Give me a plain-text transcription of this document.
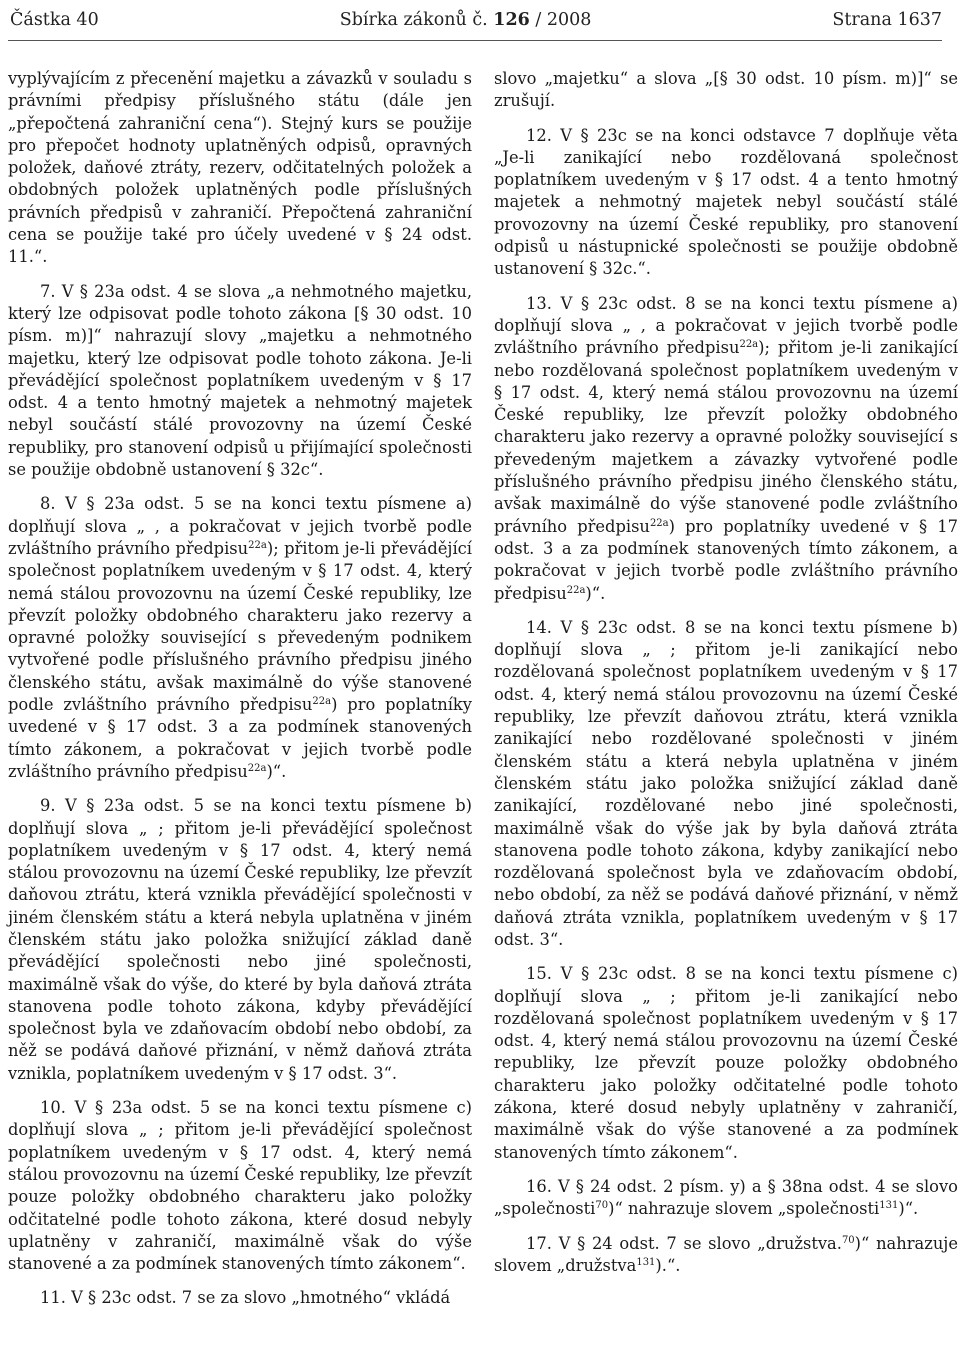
Částka 40	Sbírka zákonů č. 126 / 2008	Strana 1637

vyplývajícím z přecenění majetku a závazků v souladu s právními předpisy příslušného státu (dále jen „přepočtená zahraniční cena“). Stejný kurs se použije pro přepočet hodnoty uplatněných odpisů, opravných položek, daňové ztráty, rezerv, odčitatelných položek a obdobných položek uplatněných podle příslušných právních předpisů v zahraničí. Přepočtená zahraniční cena se použije také pro účely uvedené v § 24 odst. 11.“.

7. V § 23a odst. 4 se slova „a nehmotného majetku, který lze odpisovat podle tohoto zákona [§ 30 odst. 10 písm. m)]“ nahrazují slovy „majetku a nehmotného majetku, který lze odpisovat podle tohoto zákona. Je-li převádějící společnost poplatníkem uvedeným v § 17 odst. 4 a tento hmotný majetek a nehmotný majetek nebyl součástí stálé provozovny na území České republiky, pro stanovení odpisů u přijímající společnosti se použije obdobně ustanovení § 32c“.

8. V § 23a odst. 5 se na konci textu písmene a) doplňují slova „ , a pokračovat v jejich tvorbě podle zvláštního právního předpisu$^{22a}$); přitom je-li převádějící společnost poplatníkem uvedeným v § 17 odst. 4, který nemá stálou provozovnu na území České republiky, lze převzít položky obdobného charakteru jako rezervy a opravné položky související s převedeným podnikem vytvořené podle příslušného právního předpisu jiného členského státu, avšak maximálně do výše stanovené podle zvláštního právního předpisu$^{22a}$) pro poplatníky uvedené v § 17 odst. 3 a za podmínek stanovených tímto zákonem, a pokračovat v jejich tvorbě podle zvláštního právního předpisu$^{22a}$)“.

9. V § 23a odst. 5 se na konci textu písmene b) doplňují slova „ ; přitom je-li převádějící společnost poplatníkem uvedeným v § 17 odst. 4, který nemá stálou provozovnu na území České republiky, lze převzít daňovou ztrátu, která vznikla převádějící společnosti v jiném členském státu a která nebyla uplatněna v jiném členském státu jako položka snižující základ daně převádějící společnosti nebo jiné společnosti, maximálně však do výše, do které by byla daňová ztráta stanovena podle tohoto zákona, kdyby převádějící společnost byla ve zdaňovacím období nebo období, za něž se podává daňové přiznání, v němž daňová ztráta vznikla, poplatníkem uvedeným v § 17 odst. 3“.

10. V § 23a odst. 5 se na konci textu písmene c) doplňují slova „ ; přitom je-li převádějící společnost poplatníkem uvedeným v § 17 odst. 4, který nemá stálou provozovnu na území České republiky, lze převzít pouze položky obdobného charakteru jako položky odčitatelné podle tohoto zákona, které dosud nebyly uplatněny v zahraničí, maximálně však do výše stanovené a za podmínek stanovených tímto zákonem“.

11. V § 23c odst. 7 se za slovo „hmotného“ vkládá

slovo „majetku“ a slova „[§ 30 odst. 10 písm. m)]“ se zrušují.

12. V § 23c se na konci odstavce 7 doplňuje věta „Je-li zanikající nebo rozdělovaná společnost poplatníkem uvedeným v § 17 odst. 4 a tento hmotný majetek a nehmotný majetek nebyl součástí stálé provozovny na území České republiky, pro stanovení odpisů u nástupnické společnosti se použije obdobně ustanovení § 32c.“.

13. V § 23c odst. 8 se na konci textu písmene a) doplňují slova „ , a pokračovat v jejich tvorbě podle zvláštního právního předpisu$^{22a}$); přitom je-li zanikající nebo rozdělovaná společnost poplatníkem uvedeným v § 17 odst. 4, který nemá stálou provozovnu na území České republiky, lze převzít položky obdobného charakteru jako rezervy a opravné položky související s převedeným majetkem a závazky vytvořené podle příslušného právního předpisu jiného členského státu, avšak maximálně do výše stanovené podle zvláštního právního předpisu$^{22a}$) pro poplatníky uvedené v § 17 odst. 3 a za podmínek stanovených tímto zákonem, a pokračovat v jejich tvorbě podle zvláštního právního předpisu$^{22a}$)“.

14. V § 23c odst. 8 se na konci textu písmene b) doplňují slova „ ; přitom je-li zanikající nebo rozdělovaná společnost poplatníkem uvedeným v § 17 odst. 4, který nemá stálou provozovnu na území České republiky, lze převzít daňovou ztrátu, která vznikla zanikající nebo rozdělované společnosti v jiném členském státu a která nebyla uplatněna v jiném členském státu jako položka snižující základ daně zanikající, rozdělované nebo jiné společnosti, maximálně však do výše jak by byla daňová ztráta stanovena podle tohoto zákona, kdyby zanikající nebo rozdělovaná společnost byla ve zdaňovacím období, nebo období, za něž se podává daňové přiznání, v němž daňová ztráta vznikla, poplatníkem uvedeným v § 17 odst. 3“.

15. V § 23c odst. 8 se na konci textu písmene c) doplňují slova „ ; přitom je-li zanikající nebo rozdělovaná společnost poplatníkem uvedeným v § 17 odst. 4, který nemá stálou provozovnu na území České republiky, lze převzít pouze položky obdobného charakteru jako položky odčitatelné podle tohoto zákona, které dosud nebyly uplatněny v zahraničí, maximálně však do výše stanovené a za podmínek stanovených tímto zákonem“.

16. V § 24 odst. 2 písm. y) a § 38na odst. 4 se slovo „společnosti$^{70}$)“ nahrazuje slovem „společnosti$^{131}$)“.

17. V § 24 odst. 7 se slovo „družstva.$^{70}$)“ nahrazuje slovem „družstva$^{131}$).“.
